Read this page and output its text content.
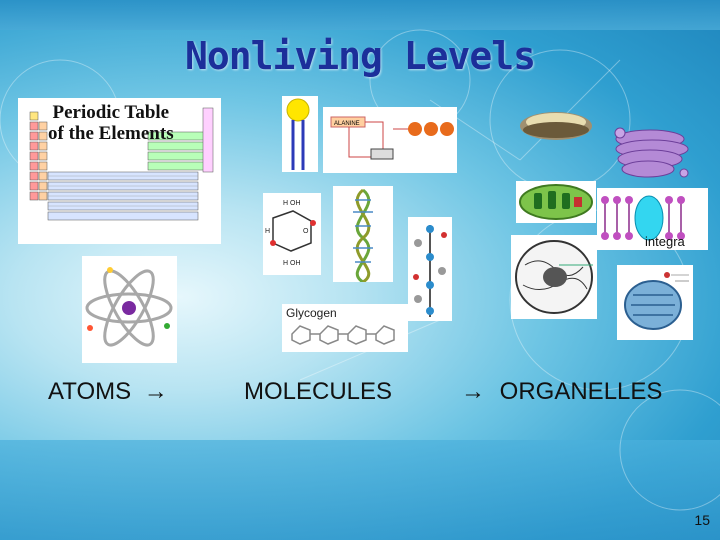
Nonliving Levels
Periodic Table
of the Elements	ALANINE
H OH
H	O
H OH
Glycogen
integra
ATOMS →	MOLECULES	→ ORGANELLES
15
